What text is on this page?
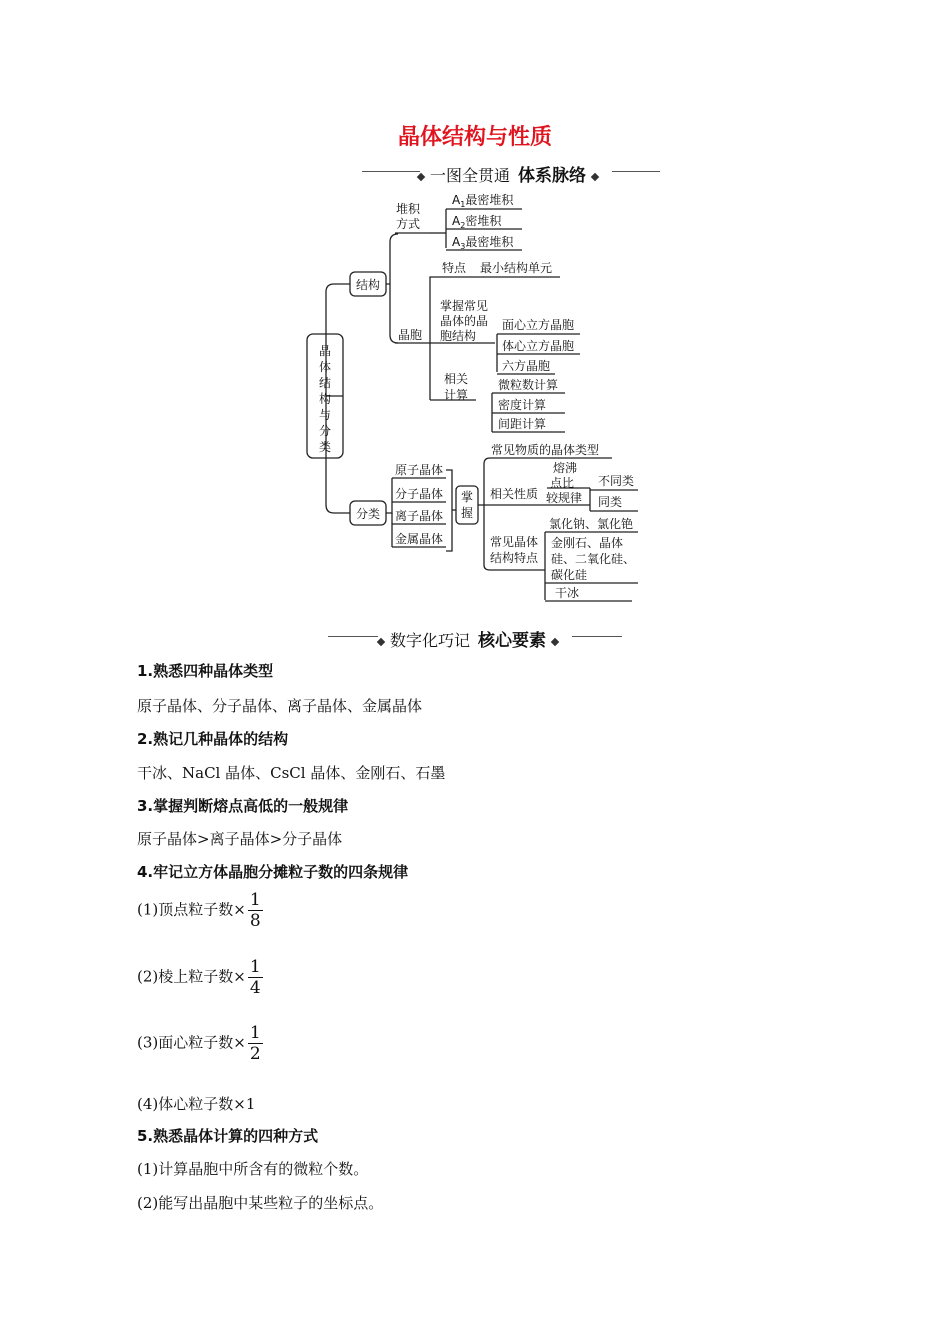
晶体结构与性质
一图全贯通 体系脉络
晶
体
结
构
与
分
类
结构
堆积
方式
$A_1$最密堆积
$A_2$密堆积
$A_3$最密堆积
特点 最小结构单元
晶胞
掌握常见
晶体的晶
胞结构
面心立方晶胞
体心立方晶胞
六方晶胞
相关
计算
微粒数计算
密度计算
间距计算
分类
原子晶体
分子晶体
离子晶体
金属晶体
掌
握
常见物质的晶体类型
相关性质
熔沸
点比
较规律
不同类
同类
常见晶体
结构特点
氯化钠、氯化铯
金刚石、晶体
硅、二氧化硅、
碳化硅
干冰
数字化巧记 核心要素
1.熟悉四种晶体类型
原子晶体、分子晶体、离子晶体、金属晶体
2.熟记几种晶体的结构
干冰、NaCl 晶体、CsCl 晶体、金刚石、石墨
3.掌握判断熔点高低的一般规律
原子晶体>离子晶体>分子晶体
4.牢记立方体晶胞分摊粒子数的四条规律
(1)顶点粒子数× $\frac{1}{8}$
(2)棱上粒子数× $\frac{1}{4}$
(3)面心粒子数× $\frac{1}{2}$
(4)体心粒子数×1
5.熟悉晶体计算的四种方式
(1)计算晶胞中所含有的微粒个数。
(2)能写出晶胞中某些粒子的坐标点。
